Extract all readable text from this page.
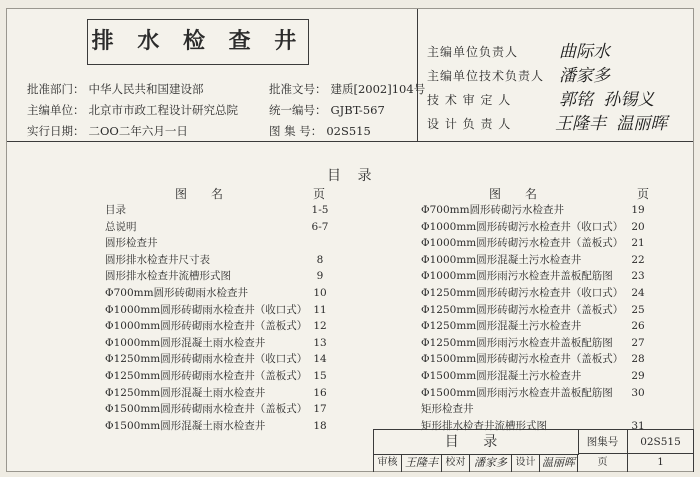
排 水 检 查 井
批准部门： 中华人民共和国建设部	批准文号： 建质[2002]104号
主编单位： 北京市市政工程设计研究总院	统一编号： GJBT-567
实行日期： 二OO二年六月一日	图 集 号： 02S515
主编单位负责人 曲际水
主编单位技术负责人 潘家多
技 术 审 定 人	郭铭 孙锡义
设 计 负 责 人	王隆丰 温丽晖
目 录
图　　名	页	图　　名	页
目录	1-5
总说明	6-7
圆形检查井
圆形排水检查井尺寸表	8
圆形排水检查井流槽形式图	9
Φ700mm圆形砖砌雨水检查井	10
Φ1000mm圆形砖砌雨水检查井（收口式） 11
Φ1000mm圆形砖砌雨水检查井（盖板式） 12
Φ1000mm圆形混凝土雨水检查井	13
Φ1250mm圆形砖砌雨水检查井（收口式） 14
Φ1250mm圆形砖砌雨水检查井（盖板式） 15
Φ1250mm圆形混凝土雨水检查井	16
Φ1500mm圆形砖砌雨水检查井（盖板式） 17
Φ1500mm圆形混凝土雨水检查井	18
Φ700mm圆形砖砌污水检查井	19
Φ1000mm圆形砖砌污水检查井（收口式） 20
Φ1000mm圆形砖砌污水检查井（盖板式） 21
Φ1000mm圆形混凝土污水检查井	22
Φ1000mm圆形雨污水检查井盖板配筋图	23
Φ1250mm圆形砖砌污水检查井（收口式） 24
Φ1250mm圆形砖砌污水检查井（盖板式） 25
Φ1250mm圆形混凝土污水检查井	26
Φ1250mm圆形雨污水检查井盖板配筋图	27
Φ1500mm圆形砖砌污水检查井（盖板式） 28
Φ1500mm圆形混凝土污水检查井	29
Φ1500mm圆形雨污水检查井盖板配筋图	30
矩形检查井
矩形排水检查井流槽形式图	31
目 录	图集号	02S515
审核 王隆丰 校对 潘家多 设计 温丽晖	页	1
